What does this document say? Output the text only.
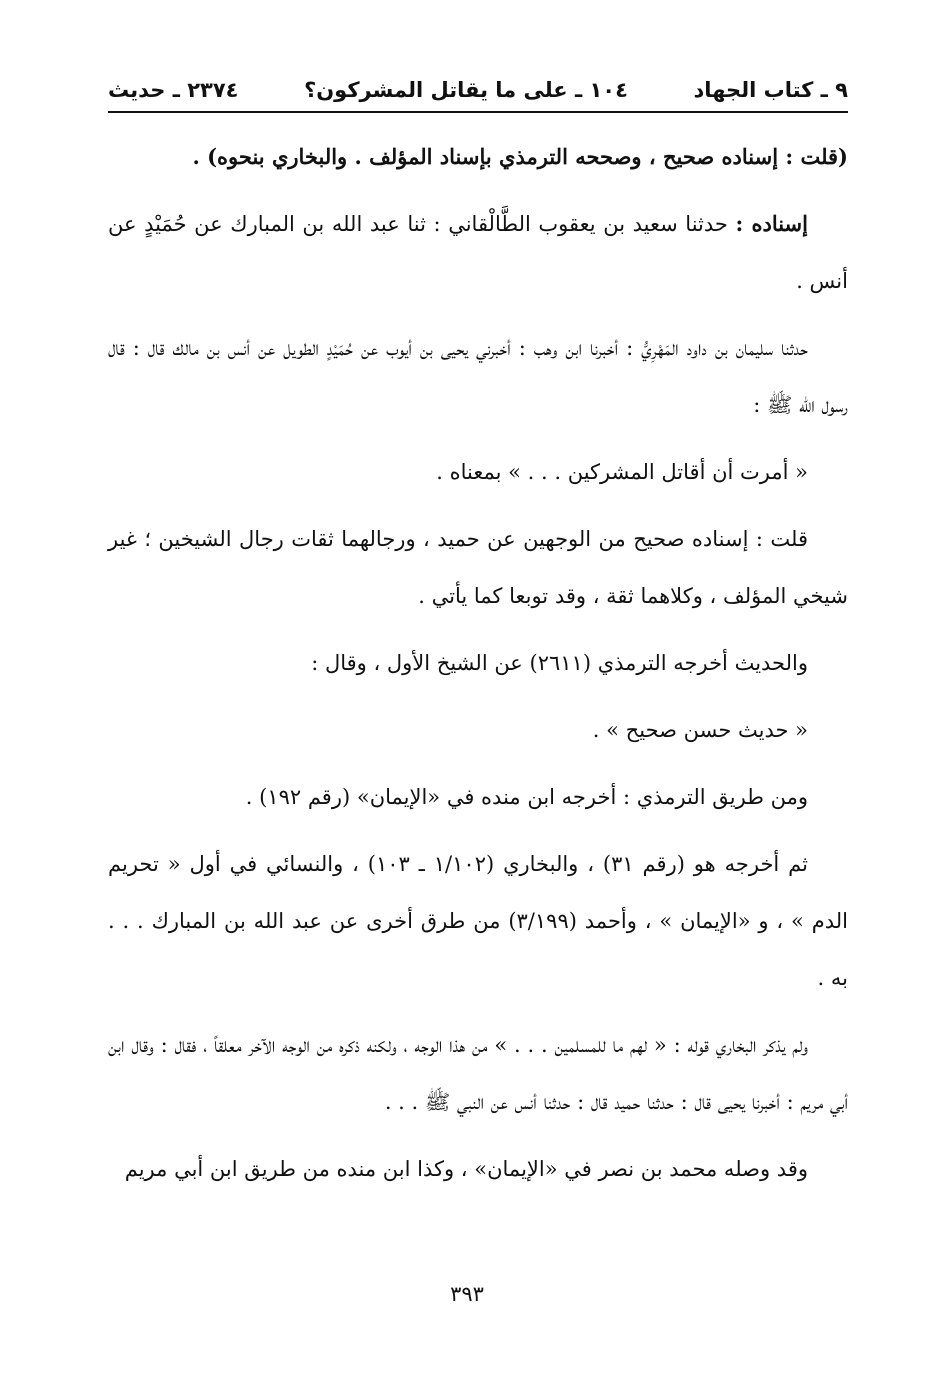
٩ ـ كتاب الجهاد
١٠٤ ـ على ما يقاتل المشركون؟
٢٣٧٤ ـ حديث

(قلت : إسناده صحيح ، وصححه الترمذي بإسناد المؤلف . والبخاري بنحوه) .

إسناده : حدثنا سعيد بن يعقوب الطَّالْقاني : ثنا عبد الله بن المبارك عن حُمَيْدٍ عن أنس .

حدثنا سليمان بن داود المَهْرِيُّ : أخبرنا ابن وهب : أخبرني يحيى بن أيوب عن حُمَيْدٍ الطويل عن أنس بن مالك قال : قال رسول الله ﷺ :

« أمرت أن أقاتل المشركين . . . » بمعناه .

قلت : إسناده صحيح من الوجهين عن حميد ، ورجالهما ثقات رجال الشيخين ؛ غير شيخي المؤلف ، وكلاهما ثقة ، وقد توبعا كما يأتي .

والحديث أخرجه الترمذي (٢٦١١) عن الشيخ الأول ، وقال :

« حديث حسن صحيح » .

ومن طريق الترمذي : أخرجه ابن منده في «الإيمان» (رقم ١٩٢) .

ثم أخرجه هو (رقم ٣١) ، والبخاري (١/١٠٢ ـ ١٠٣) ، والنسائي في أول « تحريم الدم » ، و «الإيمان » ، وأحمد (٣/١٩٩) من طرق أخرى عن عبد الله بن المبارك . . . به .

ولم يذكر البخاري قوله : « لهم ما للمسلمين . . . » من هذا الوجه ، ولكنه ذكره من الوجه الآخر معلقاً ، فقال : وقال ابن أبي مريم : أخبرنا يحيى قال : حدثنا حميد قال : حدثنا أنس عن النبي ﷺ . . .

وقد وصله محمد بن نصر في «الإيمان» ، وكذا ابن منده من طريق ابن أبي مريم

٣٩٣
